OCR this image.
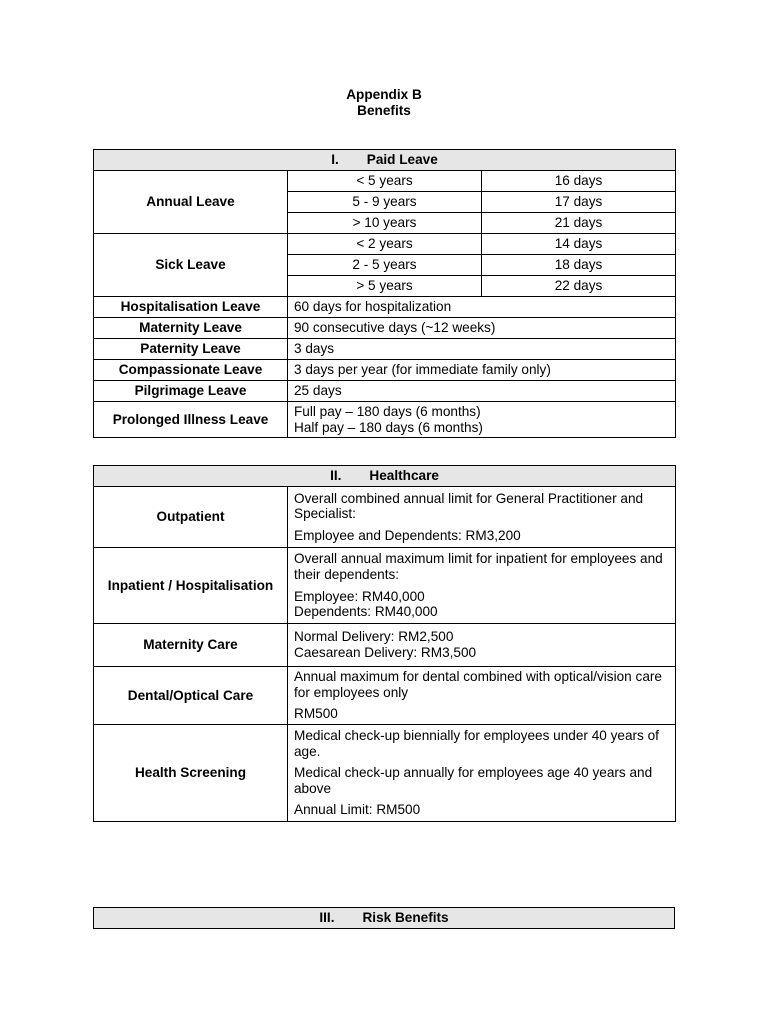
Appendix B
Benefits
I. Paid Leave		
Annual Leave	< 5 years	16 days
	5 - 9 years	17 days
	> 10 years	21 days
Sick Leave	< 2 years	14 days
	2 - 5 years	18 days
	> 5 years	22 days
Hospitalisation Leave	60 days for hospitalization	
Maternity Leave	90 consecutive days (~12 weeks)	
Paternity Leave	3 days	
Compassionate Leave	3 days per year (for immediate family only)	
Pilgrimage Leave	25 days	
Prolonged Illness Leave	Full pay – 180 days (6 months)

Half pay – 180 days (6 months)	

II. Healthcare	
Outpatient	Overall combined annual limit for General Practitioner and Specialist:

Employee and Dependents: RM3,200

Inpatient / Hospitalisation	Overall annual maximum limit for inpatient for employees and their dependents:

Employee: RM40,000

Dependents: RM40,000

Maternity Care	Normal Delivery: RM2,500

Caesarean Delivery: RM3,500

Dental/Optical Care	Annual maximum for dental combined with optical/vision care for employees only

RM500

Health Screening	Medical check-up biennially for employees under 40 years of age.

Medical check-up annually for employees age 40 years and above

Annual Limit: RM500

III. Risk Benefits
